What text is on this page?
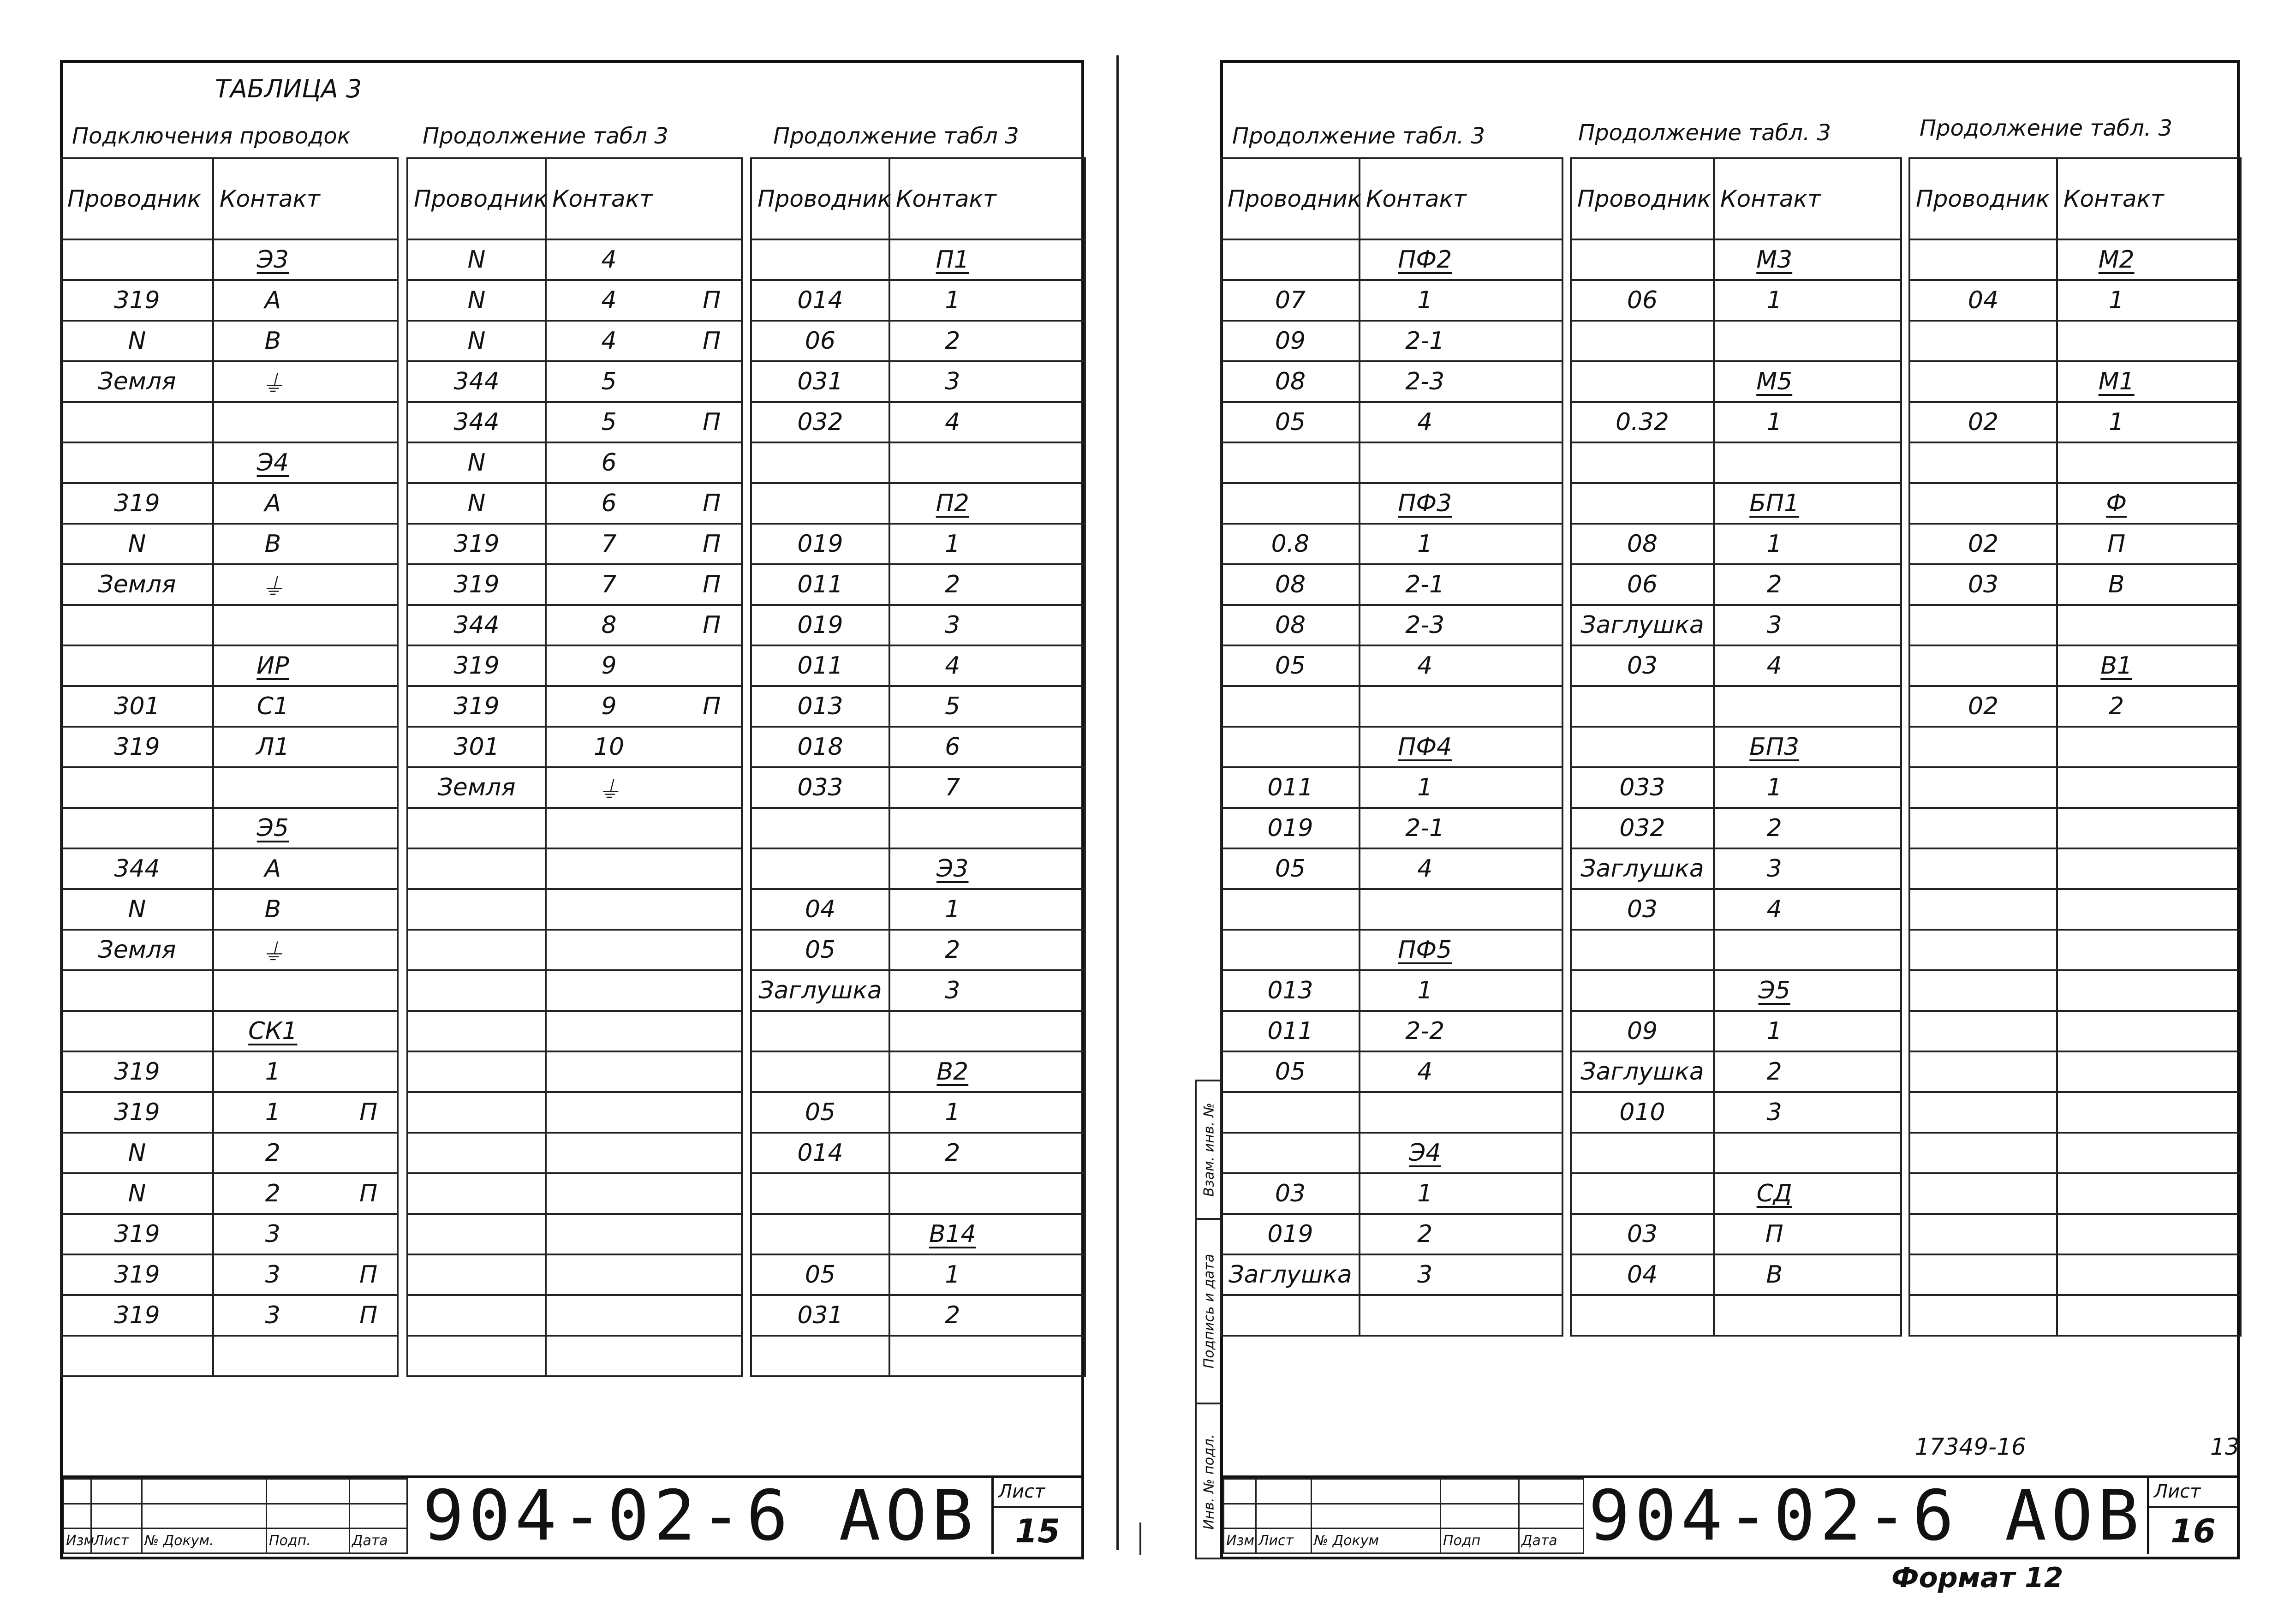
ТАБЛИЦА 3
Подключения проводок	Продолжение табл 3	Продолжение табл 3
Проводник	Контакт
	Э3
319	А
N	В
Земля	⏚

	Э4
319	А
N	В
Земля	⏚

	ИР
301	С1
319	Л1

	Э5
344	А
N	В
Земля	⏚

	СК1
319	1
319	1 П
N	2
N	2 П
319	3
319	3 П
319	3 П

Проводник	Контакт
N	4
N	4 П
N	4 П
344	5
344	5 П
N	6
N	6 П
319	7 П
319	7 П
344	8 П
319	9
319	9 П
301	10
Земля	⏚

Проводник	Контакт
	П1
014	1
06	2
031	3
032	4

	П2
019	1
011	2
019	3
011	4
013	5
018	6
033	7

	Э3
04	1
05	2
Заглушка	3

	В2
05	1
014	2

	В14
05	1
031	2

Изм	Лист	№ Докум.	Подп.	Дата 904-02-6 АОВ	Лист
15
Продолжение табл. 3	Продолжение табл. 3	Продолжение табл. 3
Проводник	Контакт
	ПФ2
07	1
09	2-1
08	2-3
05	4

	ПФ3
0.8	1
08	2-1
08	2-3
05	4

	ПФ4
011	1
019	2-1
05	4

	ПФ5
013	1
011	2-2
05	4

	Э4
03	1
019	2
Заглушка	3

Проводник	Контакт
	М3
06	1

	М5
0.32	1

	БП1
08	1
06	2
Заглушка	3
03	4

	БП3
033	1
032	2
Заглушка	3
03	4

	Э5
09	1
Заглушка	2
010	3

	СД
03	П
04	В

Проводник	Контакт
	М2
04	1

	М1
02	1

	Ф
02	П
03	В

	В1
02	2

17349-16	13

Изм	Лист	№ Докум	Подп	Дата 904-02-6 АОВ Лист
16
Взам. инв. №
Подпись и дата
Инв. № подл.
Формат 12
